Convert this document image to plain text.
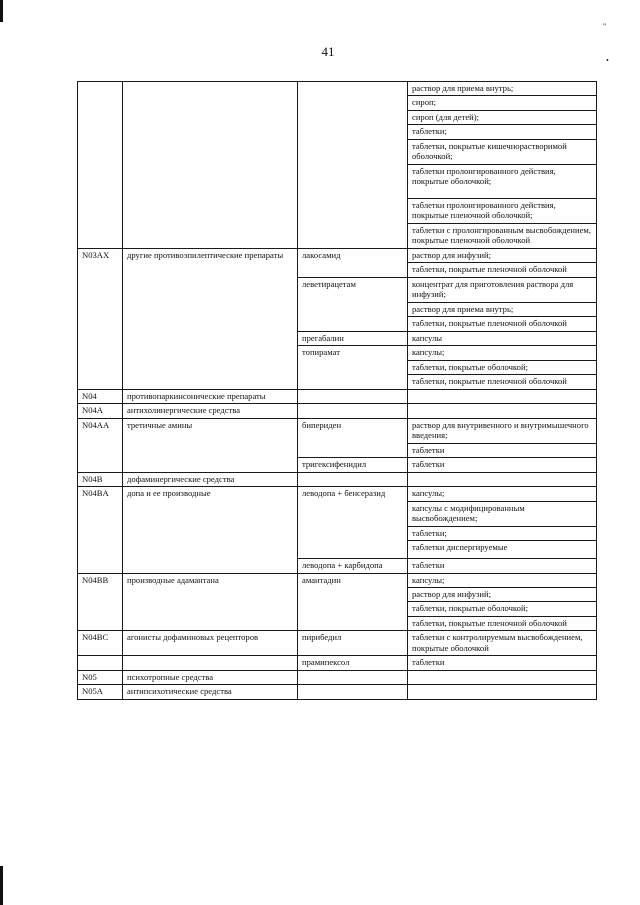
41
"
•
			раствор для приема внутрь;
			сироп;
			сироп (для детей);
			таблетки;
			таблетки, покрытые кишечнорастворимой оболочкой;
			таблетки пролонгированного действия, покрытые оболочкой;
			таблетки пролонгированного действия, покрытые пленочной оболочкой;
			таблетки с пролонгированным высвобождением, покрытые пленочной оболочкой
N03AX	другие противоэпилептические препараты	лакосамид	раствор для инфузий;
			таблетки, покрытые пленочной оболочкой
		леветирацетам	концентрат для приготовления раствора для инфузий;
			раствор для приема внутрь;
			таблетки, покрытые пленочной оболочкой
		прегабалин	капсулы
		топирамат	капсулы;
			таблетки, покрытые оболочкой;
			таблетки, покрытые пленочной оболочкой
N04	противопаркинсонические препараты		
N04A	антихолинергические средства		
N04AA	третичные амины	бипериден	раствор для внутривенного и внутримышечного введения;
			таблетки
		тригексифенидил	таблетки
N04B	дофаминергические средства		
N04BA	допа и ее производные	леводопа + бенсеразид	капсулы;
			капсулы с модифицированным высвобождением;
			таблетки;
			таблетки диспергируемые
		леводопа + карбидопа	таблетки
N04BB	производные адамантана	амантадин	капсулы;
			раствор для инфузий;
			таблетки, покрытые оболочкой;
			таблетки, покрытые пленочной оболочкой
N04BC	агонисты дофаминовых рецепторов	пирибедил	таблетки с контролируемым высвобождением, покрытые оболочкой
		прамипексол	таблетки
N05	психотропные средства		
N05A	антипсихотические средства		
